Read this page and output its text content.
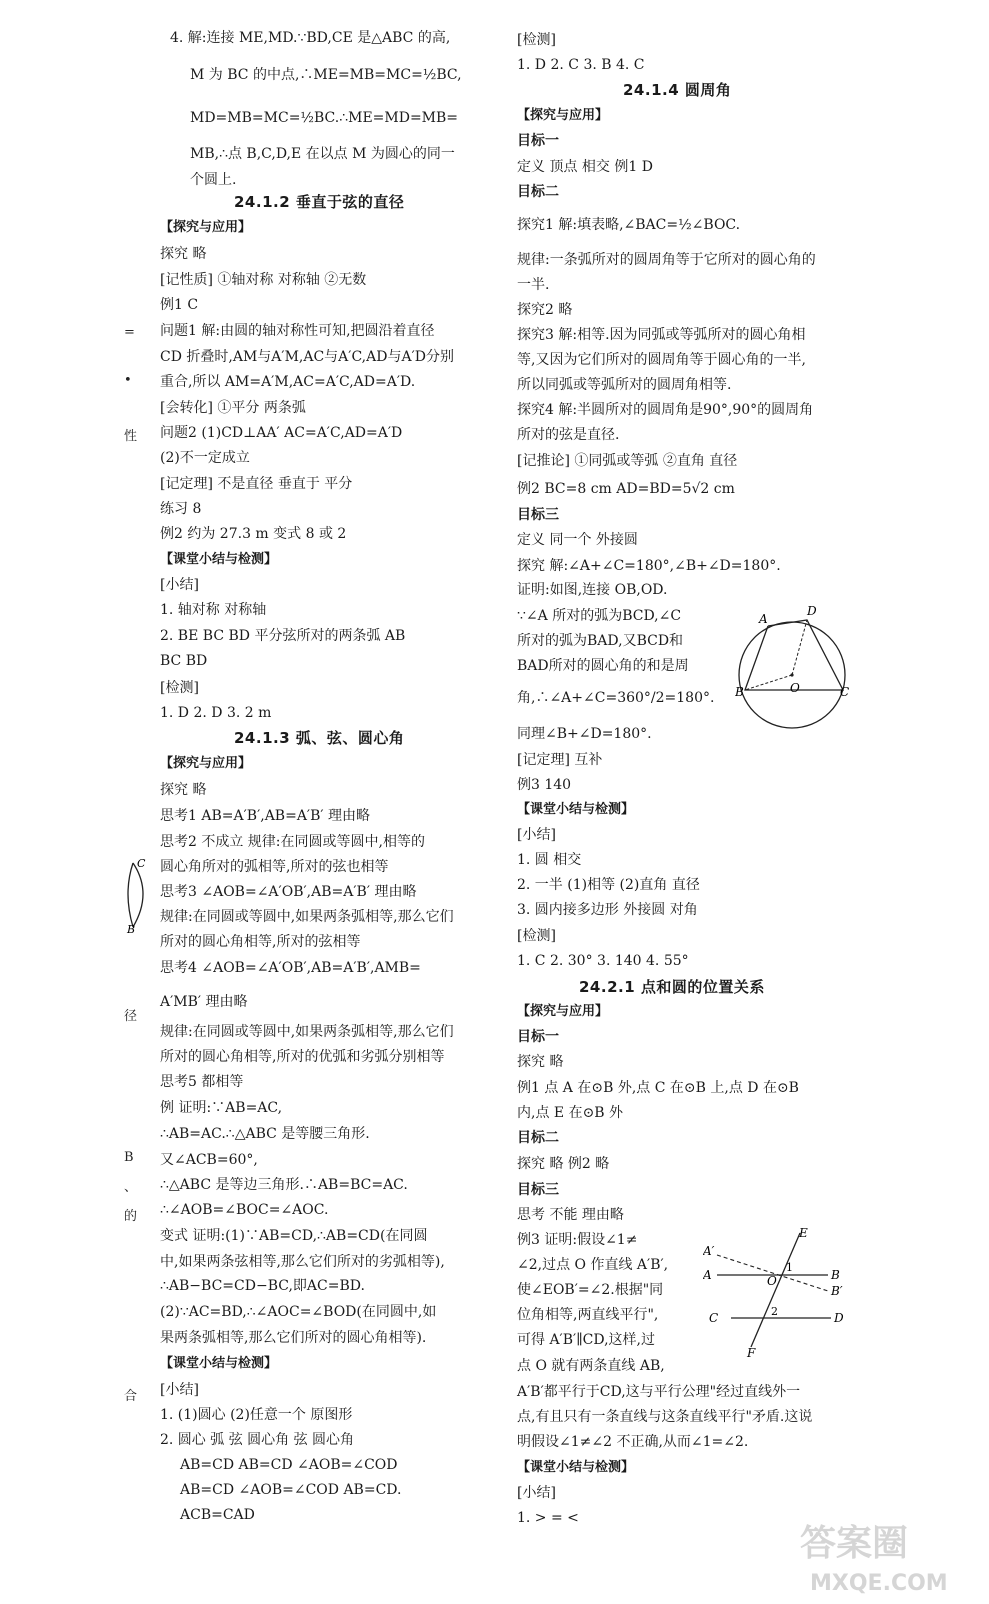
4. 解:连接 ME,MD.∵BD,CE 是△ABC 的高,
M 为 BC 的中点,∴ME=MB=MC=½BC,
MD=MB=MC=½BC.∴ME=MD=MB=
MB,∴点 B,C,D,E 在以点 M 为圆心的同一
个圆上.
24.1.2 垂直于弦的直径
【探究与应用】
探究 略
[记性质] ①轴对称 对称轴 ②无数
例1 C
问题1 解:由圆的轴对称性可知,把圆沿着直径
CD 折叠时,AM与A′M,AC与A′C,AD与A′D分别
重合,所以 AM=A′M,AC=A′C,AD=A′D.
[会转化] ①平分 两条弧
问题2 (1)CD⊥AA′ AC=A′C,AD=A′D
(2)不一定成立
[记定理] 不是直径 垂直于 平分
练习 8
例2 约为 27.3 m 变式 8 或 2
【课堂小结与检测】
[小结]
1. 轴对称 对称轴
2. BE BC BD 平分弦所对的两条弧 AB
BC BD
[检测]
1. D 2. D 3. 2 m
24.1.3 弧、弦、圆心角
【探究与应用】
探究 略
思考1 AB=A′B′,AB=A′B′ 理由略
思考2 不成立 规律:在同圆或等圆中,相等的
圆心角所对的弧相等,所对的弦也相等
思考3 ∠AOB=∠A′OB′,AB=A′B′ 理由略
规律:在同圆或等圆中,如果两条弧相等,那么它们
所对的圆心角相等,所对的弦相等
思考4 ∠AOB=∠A′OB′,AB=A′B′,AMB=
A′MB′ 理由略
规律:在同圆或等圆中,如果两条弧相等,那么它们
所对的圆心角相等,所对的优弧和劣弧分别相等
思考5 都相等
例 证明:∵AB=AC,
∴AB=AC.∴△ABC 是等腰三角形.
又∠ACB=60°,
∴△ABC 是等边三角形.∴AB=BC=AC.
∴∠AOB=∠BOC=∠AOC.
变式 证明:(1)∵AB=CD,∴AB=CD(在同圆
中,如果两条弦相等,那么它们所对的劣弧相等),
∴AB−BC=CD−BC,即AC=BD.
(2)∵AC=BD,∴∠AOC=∠BOD(在同圆中,如
果两条弧相等,那么它们所对的圆心角相等).
【课堂小结与检测】
[小结]
1. (1)圆心 (2)任意一个 原图形
2. 圆心 弧 弦 圆心角 弦 圆心角
AB=CD AB=CD ∠AOB=∠COD
AB=CD ∠AOB=∠COD AB=CD.
ACB=CAD
[检测]
1. D 2. C 3. B 4. C
24.1.4 圆周角
【探究与应用】
目标一
定义 顶点 相交 例1 D
目标二
探究1 解:填表略,∠BAC=½∠BOC.
规律:一条弧所对的圆周角等于它所对的圆心角的
一半.
探究2 略
探究3 解:相等.因为同弧或等弧所对的圆心角相
等,又因为它们所对的圆周角等于圆心角的一半,
所以同弧或等弧所对的圆周角相等.
探究4 解:半圆所对的圆周角是90°,90°的圆周角
所对的弦是直径.
[记推论] ①同弧或等弧 ②直角 直径
例2 BC=8 cm AD=BD=5√2 cm
目标三
定义 同一个 外接圆
探究 解:∠A+∠C=180°,∠B+∠D=180°.
证明:如图,连接 OB,OD.
∵∠A 所对的弧为BCD,∠C
所对的弧为BAD,又BCD和
BAD所对的圆心角的和是周
角,∴∠A+∠C=360°/2=180°.
同理∠B+∠D=180°.
[记定理] 互补
例3 140
【课堂小结与检测】
[小结]
1. 圆 相交
2. 一半 (1)相等 (2)直角 直径
3. 圆内接多边形 外接圆 对角
[检测]
1. C 2. 30° 3. 140 4. 55°
24.2.1 点和圆的位置关系
【探究与应用】
目标一
探究 略
例1 点 A 在⊙B 外,点 C 在⊙B 上,点 D 在⊙B
内,点 E 在⊙B 外
目标二
探究 略 例2 略
目标三
思考 不能 理由略
例3 证明:假设∠1≠
∠2,过点 O 作直线 A′B′,
使∠EOB′=∠2.根据"同
位角相等,两直线平行",
可得 A′B′∥CD,这样,过
点 O 就有两条直线 AB,
A′B′都平行于CD,这与平行公理"经过直线外一
点,有且只有一条直线与这条直线平行"矛盾.这说
明假设∠1≠∠2 不正确,从而∠1=∠2.
【课堂小结与检测】
[小结]
1. > = <
=
•
性
径
B
、
的
合
C
B
A
D
B	C
O
A′
A	B
B′
C	D
E
F
O
1
2
答案圈
MXQE.COM
